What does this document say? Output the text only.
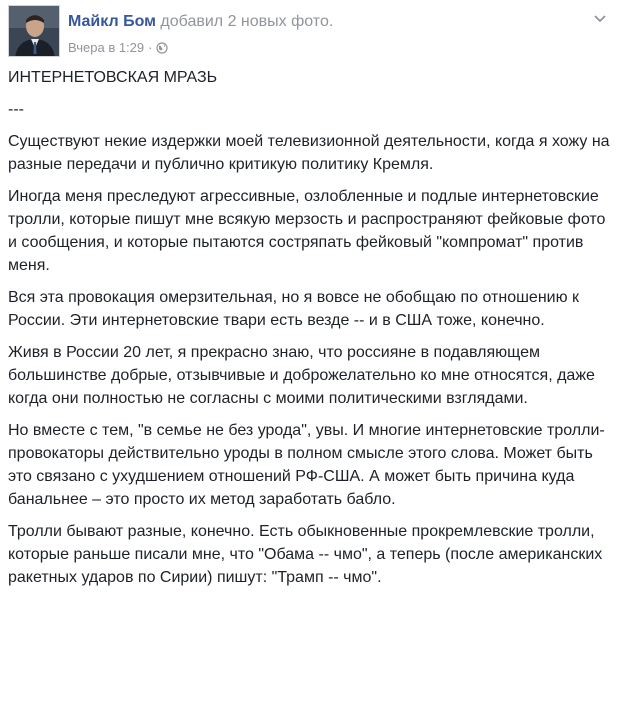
Майкл Бом добавил 2 новых фото.
Вчера в 1:29 ·

ИНТЕРНЕТОВСКАЯ МРАЗЬ

---

Существуют некие издержки моей телевизионной деятельности, когда я хожу на разные передачи и публично критикую политику Кремля.

Иногда меня преследуют агрессивные, озлобленные и подлые интернетовские тролли, которые пишут мне всякую мерзость и распространяют фейковые фото и сообщения, и которые пытаются состряпать фейковый "компромат" против меня.

Вся эта провокация омерзительная, но я вовсе не обобщаю по отношению к России. Эти интернетовские твари есть везде -- и в США тоже, конечно.

Живя в России 20 лет, я прекрасно знаю, что россияне в подавляющем большинстве добрые, отзывчивые и доброжелательно ко мне относятся, даже когда они полностью не согласны с моими политическими взглядами.

Но вместе с тем, "в семье не без урода", увы. И многие интернетовские тролли-провокаторы действительно уроды в полном смысле этого слова. Может быть это связано с ухудшением отношений РФ-США. А может быть причина куда банальнее – это просто их метод заработать бабло.

Тролли бывают разные, конечно. Есть обыкновенные прокремлевские тролли, которые раньше писали мне, что "Обама -- чмо", а теперь (после американских ракетных ударов по Сирии) пишут: "Трамп -- чмо".
